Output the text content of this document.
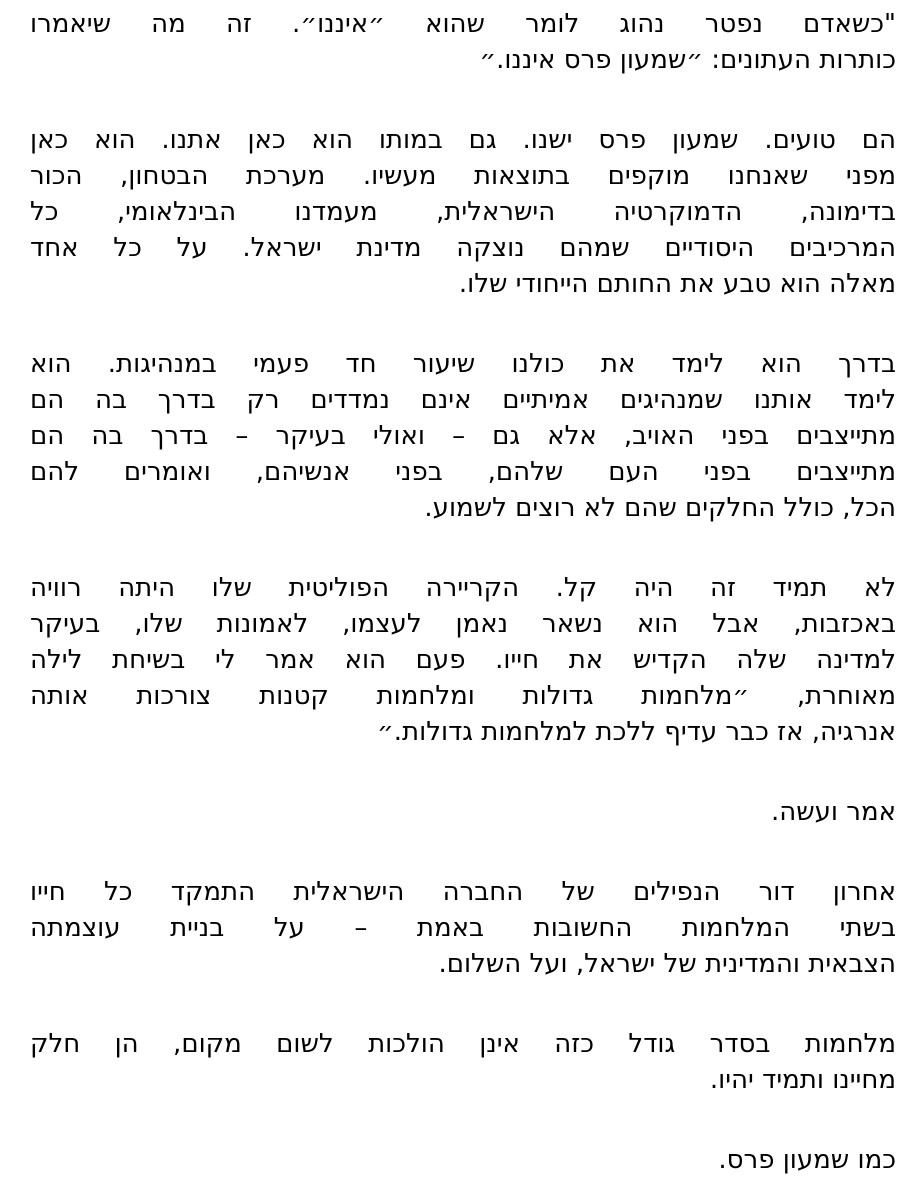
"כשאדם נפטר נהוג לומר שהוא ״איננו״. זה מה שיאמרו
כותרות העתונים: ״שמעון פרס איננו.״

הם טועים. שמעון פרס ישנו. גם במותו הוא כאן אתנו. הוא כאן
מפני שאנחנו מוקפים בתוצאות מעשיו. מערכת הבטחון, הכור
בדימונה, הדמוקרטיה הישראלית, מעמדנו הבינלאומי, כל
המרכיבים היסודיים שמהם נוצקה מדינת ישראל. על כל אחד
מאלה הוא טבע את החותם הייחודי שלו.

בדרך הוא לימד את כולנו שיעור חד פעמי במנהיגות. הוא
לימד אותנו שמנהיגים אמיתיים אינם נמדדים רק בדרך בה הם
מתייצבים בפני האויב, אלא גם – ואולי בעיקר – בדרך בה הם
מתייצבים בפני העם שלהם, בפני אנשיהם, ואומרים להם
הכל, כולל החלקים שהם לא רוצים לשמוע.

לא תמיד זה היה קל. הקריירה הפוליטית שלו היתה רוויה
באכזבות, אבל הוא נשאר נאמן לעצמו, לאמונות שלו, בעיקר
למדינה שלה הקדיש את חייו. פעם הוא אמר לי בשיחת לילה
מאוחרת, ״מלחמות גדולות ומלחמות קטנות צורכות אותה
אנרגיה, אז כבר עדיף ללכת למלחמות גדולות.״

אמר ועשה.

אחרון דור הנפילים של החברה הישראלית התמקד כל חייו
בשתי המלחמות החשובות באמת – על בניית עוצמתה
הצבאית והמדינית של ישראל, ועל השלום.

מלחמות בסדר גודל כזה אינן הולכות לשום מקום, הן חלק
מחיינו ותמיד יהיו.

כמו שמעון פרס.
